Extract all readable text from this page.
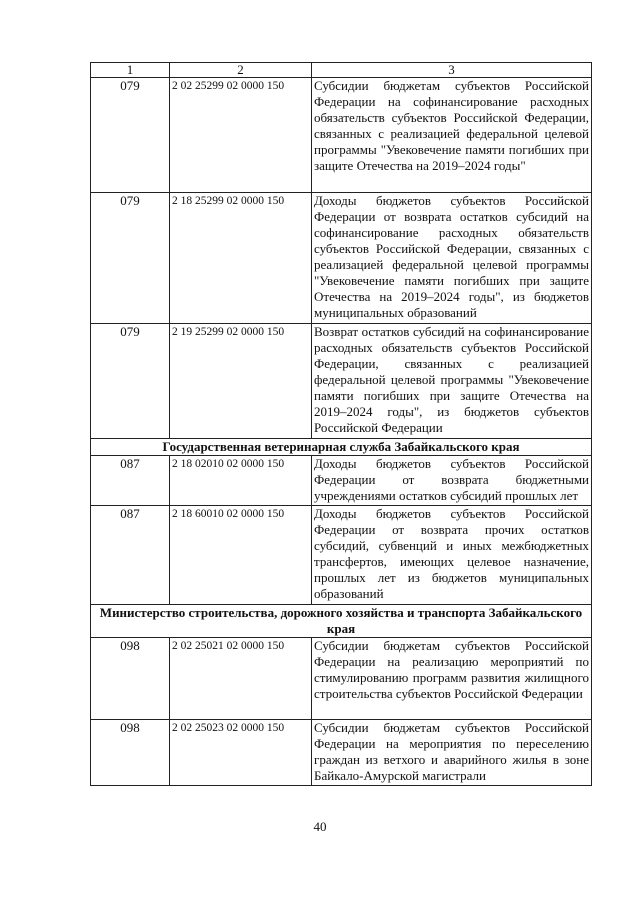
1	2	3
079	2 02 25299 02 0000 150	Субсидии бюджетам субъектов Российской Федерации на софинансирование расходных обязательств субъектов Российской Федерации, связанных с реализацией федеральной целевой программы "Увековечение памяти погибших при защите Отечества на 2019–2024 годы"
079	2 18 25299 02 0000 150	Доходы бюджетов субъектов Российской Федерации от возврата остатков субсидий на софинансирование расходных обязательств субъектов Российской Федерации, связанных с реализацией федеральной целевой программы "Увековечение памяти погибших при защите Отечества на 2019–2024 годы", из бюджетов муниципальных образований
079	2 19 25299 02 0000 150	Возврат остатков субсидий на софинансирование расходных обязательств субъектов Российской Федерации, связанных с реализацией федеральной целевой программы "Увековечение памяти погибших при защите Отечества на 2019–2024 годы", из бюджетов субъектов Российской Федерации
Государственная ветеринарная служба Забайкальского края		
087	2 18 02010 02 0000 150	Доходы бюджетов субъектов Российской Федерации от возврата бюджетными учреждениями остатков субсидий прошлых лет
087	2 18 60010 02 0000 150	Доходы бюджетов субъектов Российской Федерации от возврата прочих остатков субсидий, субвенций и иных межбюджетных трансфертов, имеющих целевое назначение, прошлых лет из бюджетов муниципальных образований
Министерство строительства, дорожного хозяйства и транспорта Забайкальского края		
098	2 02 25021 02 0000 150	Субсидии бюджетам субъектов Российской Федерации на реализацию мероприятий по стимулированию программ развития жилищного строительства субъектов Российской Федерации
098	2 02 25023 02 0000 150	Субсидии бюджетам субъектов Российской Федерации на мероприятия по переселению граждан из ветхого и аварийного жилья в зоне Байкало-Амурской магистрали
40
